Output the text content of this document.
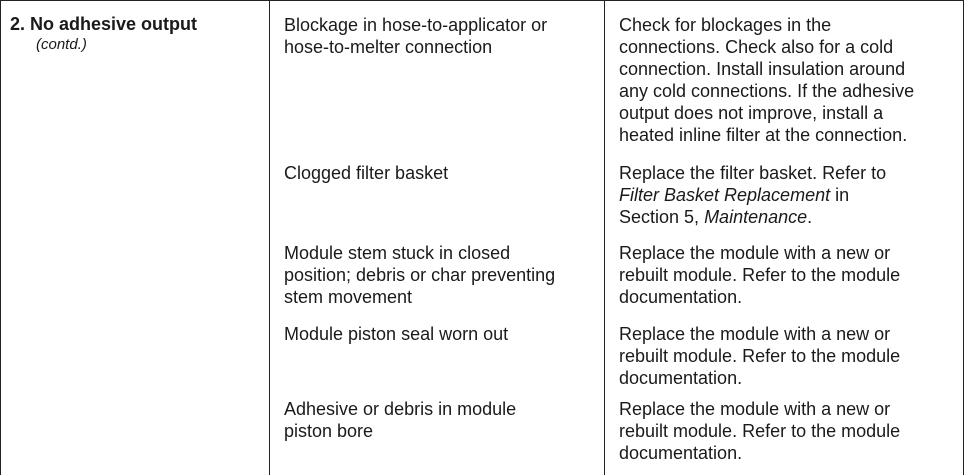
2. No adhesive output
(contd.)
Blockage in hose-to-applicator or
hose-to-melter connection
Check for blockages in the
connections. Check also for a cold
connection. Install insulation around
any cold connections. If the adhesive
output does not improve, install a
heated inline filter at the connection.
Clogged filter basket	Replace the filter basket. Refer to
Filter Basket Replacement in
Section 5, Maintenance.
Module stem stuck in closed
position; debris or char preventing
stem movement
Replace the module with a new or
rebuilt module. Refer to the module
documentation.
Module piston seal worn out	Replace the module with a new or
rebuilt module. Refer to the module
documentation.
Adhesive or debris in module
piston bore
Replace the module with a new or
rebuilt module. Refer to the module
documentation.
